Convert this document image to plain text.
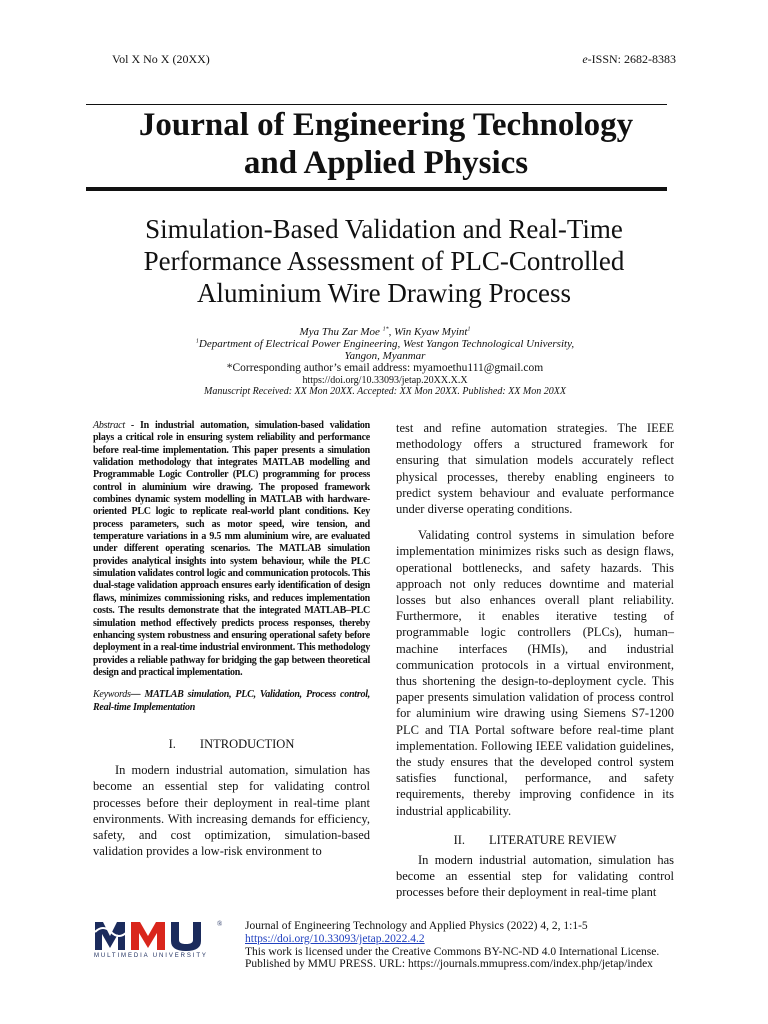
Vol X No X (20XX)	e-ISSN: 2682-8383
Journal of Engineering Technology
and Applied Physics
Simulation-Based Validation and Real-Time
Performance Assessment of PLC-Controlled
Aluminium Wire Drawing Process
Mya Thu Zar Moe $^{1*}$, Win Kyaw Myint$^1$
$^1$Department of Electrical Power Engineering, West Yangon Technological University,
Yangon, Myanmar
*Corresponding author’s email address: myamoethu111@gmail.com
https://doi.org/10.33093/jetap.20XX.X.X
Manuscript Received: XX Mon 20XX. Accepted: XX Mon 20XX. Published: XX Mon 20XX
Abstract - In industrial automation, simulation-based validation plays a critical role in ensuring system reliability and performance before real-time implementation. This paper presents a simulation validation methodology that integrates MATLAB modelling and Programmable Logic Controller (PLC) programming for process control in aluminium wire drawing. The proposed framework combines dynamic system modelling in MATLAB with hardware-oriented PLC logic to replicate real-world plant conditions. Key process parameters, such as motor speed, wire tension, and temperature variations in a 9.5 mm aluminium wire, are evaluated under different operating scenarios. The MATLAB simulation provides analytical insights into system behaviour, while the PLC simulation validates control logic and communication protocols. This dual-stage validation approach ensures early identification of design flaws, minimizes commissioning risks, and reduces implementation costs. The results demonstrate that the integrated MATLAB–PLC simulation method effectively predicts process responses, thereby enhancing system robustness and ensuring operational safety before deployment in a real-time industrial environment. This methodology provides a reliable pathway for bridging the gap between theoretical design and practical implementation.
Keywords— MATLAB simulation, PLC, Validation, Process control, Real-time Implementation
I. INTRODUCTION
In modern industrial automation, simulation has become an essential step for validating control processes before their deployment in real-time plant environments. With increasing demands for efficiency, safety, and cost optimization, simulation-based validation provides a low-risk environment to
test and refine automation strategies. The IEEE methodology offers a structured framework for ensuring that simulation models accurately reflect physical processes, thereby enabling engineers to predict system behaviour and evaluate performance under diverse operating conditions.
Validating control systems in simulation before implementation minimizes risks such as design flaws, operational bottlenecks, and safety hazards. This approach not only reduces downtime and material losses but also enhances overall plant reliability. Furthermore, it enables iterative testing of programmable logic controllers (PLCs), human–machine interfaces (HMIs), and industrial communication protocols in a virtual environment, thus shortening the design-to-deployment cycle. This paper presents simulation validation of process control for aluminium wire drawing using Siemens S7-1200 PLC and TIA Portal software before real-time plant implementation. Following IEEE validation guidelines, the study ensures that the developed control system satisfies functional, performance, and safety requirements, thereby improving confidence in its industrial applicability.
II. LITERATURE REVIEW
In modern industrial automation, simulation has become an essential step for validating control processes before their deployment in real-time plant
MULTIMEDIA UNIVERSITY
® Journal of Engineering Technology and Applied Physics (2022) 4, 2, 1:1-5
https://doi.org/10.33093/jetap.2022.4.2
This work is licensed under the Creative Commons BY-NC-ND 4.0 International License.
Published by MMU PRESS. URL: https://journals.mmupress.com/index.php/jetap/index
